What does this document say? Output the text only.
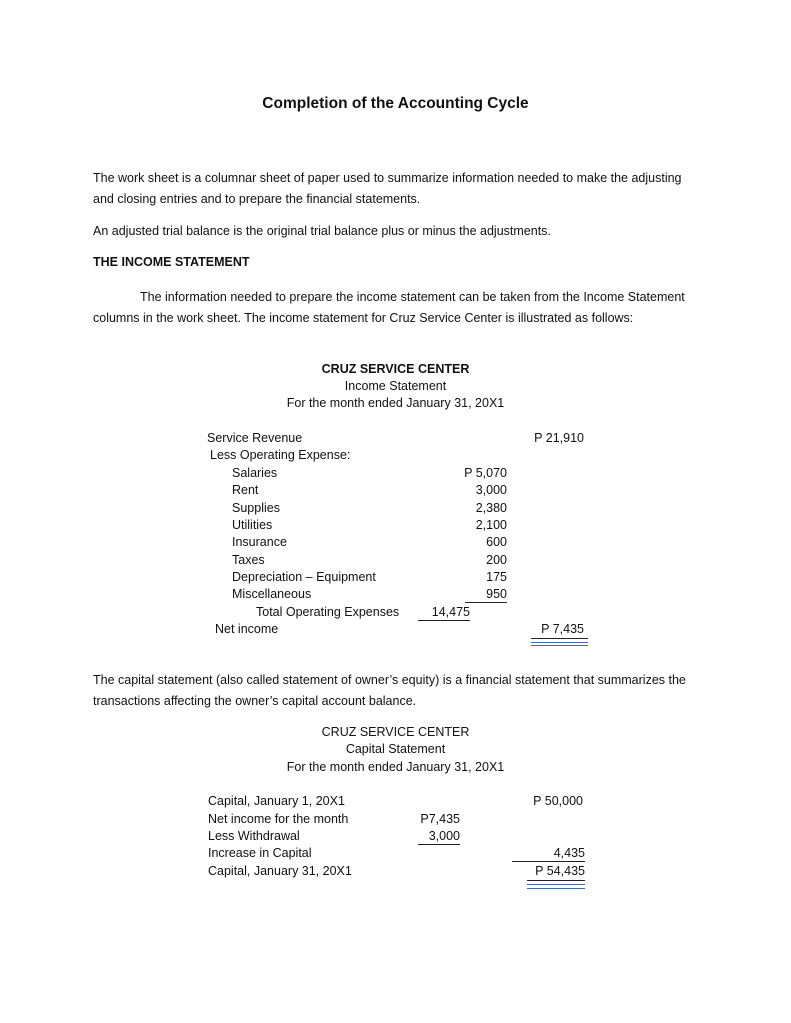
Completion of the Accounting Cycle
The work sheet is a columnar sheet of paper used to summarize information needed to make the adjusting and closing entries and to prepare the financial statements.
An adjusted trial balance is the original trial balance plus or minus the adjustments.
THE INCOME STATEMENT
The information needed to prepare the income statement can be taken from the Income Statement columns in the work sheet. The income statement for Cruz Service Center is illustrated as follows:
CRUZ SERVICE CENTER
Income Statement
For the month ended January 31, 20X1
Service Revenue	P 21,910
Less Operating Expense:
Salaries	P 5,070
Rent	3,000
Supplies	2,380
Utilities	2,100
Insurance	600
Taxes	200
Depreciation – Equipment	175
Miscellaneous	950
Total Operating Expenses	14,475
Net income	P 7,435
The capital statement (also called statement of owner’s equity) is a financial statement that summarizes the transactions affecting the owner’s capital account balance.
CRUZ SERVICE CENTER
Capital Statement
For the month ended January 31, 20X1
Capital, January 1, 20X1	P 50,000
Net income for the month	P7,435
Less Withdrawal	3,000
Increase in Capital	4,435
Capital, January 31, 20X1	P 54,435
